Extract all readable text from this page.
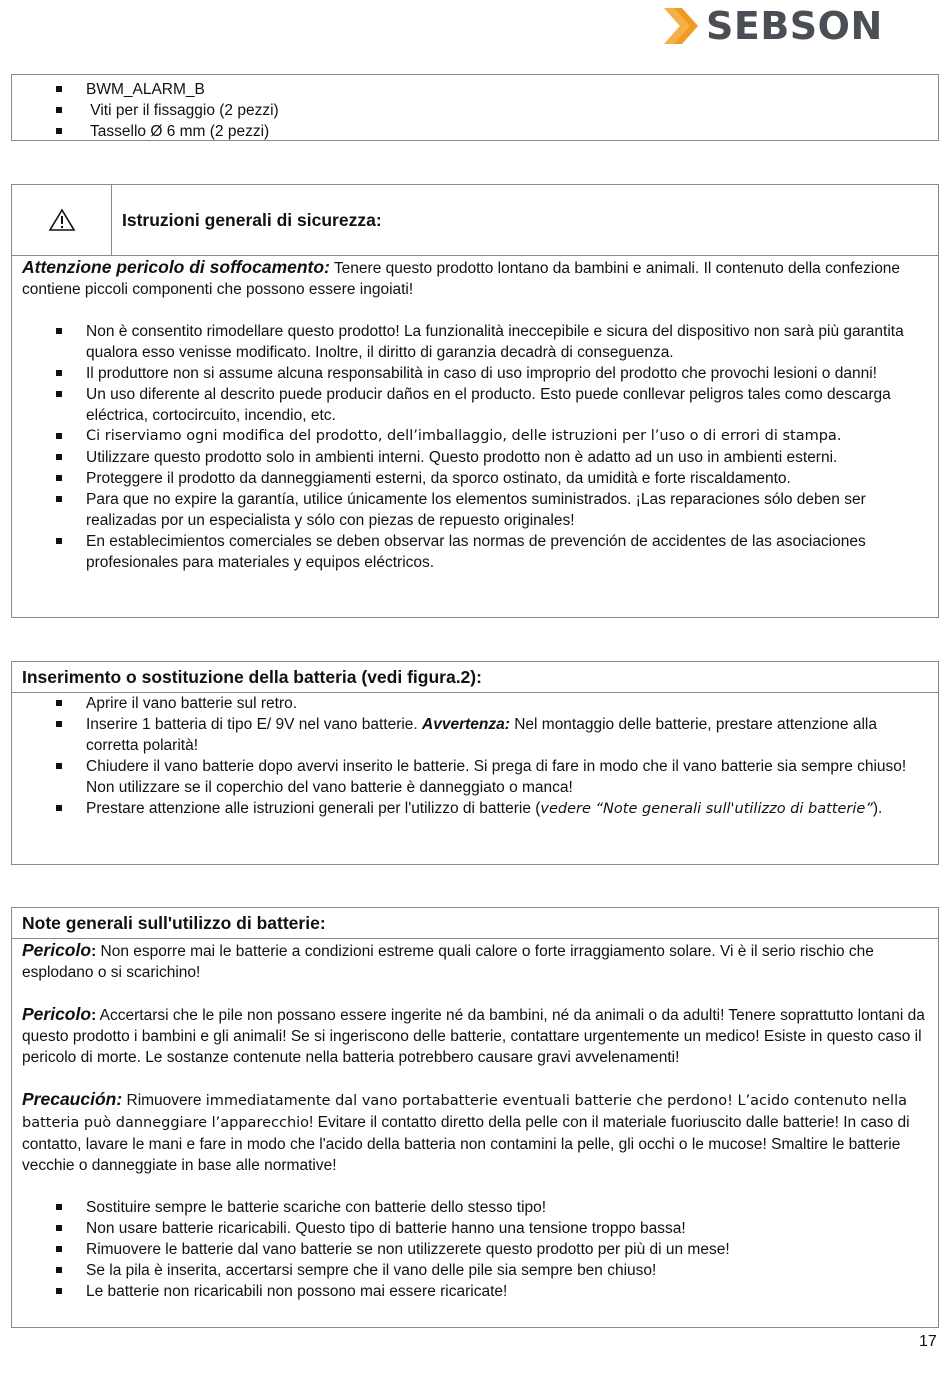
SEBSON
BWM_ALARM_B
Viti per il fissaggio (2 pezzi)
Tassello Ø 6 mm (2 pezzi)
Istruzioni generali di sicurezza:
Attenzione pericolo di soffocamento: Tenere questo prodotto lontano da bambini e animali. Il contenuto della confezione contiene piccoli componenti che possono essere ingoiati!
Non è consentito rimodellare questo prodotto! La funzionalità ineccepibile e sicura del dispositivo non sarà più garantita qualora esso venisse modificato. Inoltre, il diritto di garanzia decadrà di conseguenza.
Il produttore non si assume alcuna responsabilità in caso di uso improprio del prodotto che provochi lesioni o danni!
Un uso diferente al descrito puede producir daños en el producto. Esto puede conllevar peligros tales como descarga eléctrica, cortocircuito, incendio, etc.
Ci riserviamo ogni modifica del prodotto, dell’imballaggio, delle istruzioni per l’uso o di errori di stampa.
Utilizzare questo prodotto solo in ambienti interni. Questo prodotto non è adatto ad un uso in ambienti esterni.
Proteggere il prodotto da danneggiamenti esterni, da sporco ostinato, da umidità e forte riscaldamento.
Para que no expire la garantía, utilice únicamente los elementos suministrados. ¡Las reparaciones sólo deben ser realizadas por un especialista y sólo con piezas de repuesto originales!
En establecimientos comerciales se deben observar las normas de prevención de accidentes de las asociaciones profesionales para materiales y equipos eléctricos.
Inserimento o sostituzione della batteria (vedi figura.2):
Aprire il vano batterie sul retro.
Inserire 1 batteria di tipo E/ 9V nel vano batterie. Avvertenza: Nel montaggio delle batterie, prestare attenzione alla corretta polarità!
Chiudere il vano batterie dopo avervi inserito le batterie. Si prega di fare in modo che il vano batterie sia sempre chiuso! Non utilizzare se il coperchio del vano batterie è danneggiato o manca!
Prestare attenzione alle istruzioni generali per l'utilizzo di batterie (vedere “Note generali sull'utilizzo di batterie”).
Note generali sull'utilizzo di batterie:
Pericolo: Non esporre mai le batterie a condizioni estreme quali calore o forte irraggiamento solare. Vi è il serio rischio che esplodano o si scarichino!
Pericolo: Accertarsi che le pile non possano essere ingerite né da bambini, né da animali o da adulti! Tenere soprattutto lontani da questo prodotto i bambini e gli animali! Se si ingeriscono delle batterie, contattare urgentemente un medico! Esiste in questo caso il pericolo di morte. Le sostanze contenute nella batteria potrebbero causare gravi avvelenamenti!
Precaución: Rimuovere immediatamente dal vano portabatterie eventuali batterie che perdono! L’acido contenuto nella batteria può danneggiare l’apparecchio! Evitare il contatto diretto della pelle con il materiale fuoriuscito dalle batterie! In caso di contatto, lavare le mani e fare in modo che l'acido della batteria non contamini la pelle, gli occhi o le mucose! Smaltire le batterie vecchie o danneggiate in base alle normative!
Sostituire sempre le batterie scariche con batterie dello stesso tipo!
Non usare batterie ricaricabili. Questo tipo di batterie hanno una tensione troppo bassa!
Rimuovere le batterie dal vano batterie se non utilizzerete questo prodotto per più di un mese!
Se la pila è inserita, accertarsi sempre che il vano delle pile sia sempre ben chiuso!
Le batterie non ricaricabili non possono mai essere ricaricate!
17
